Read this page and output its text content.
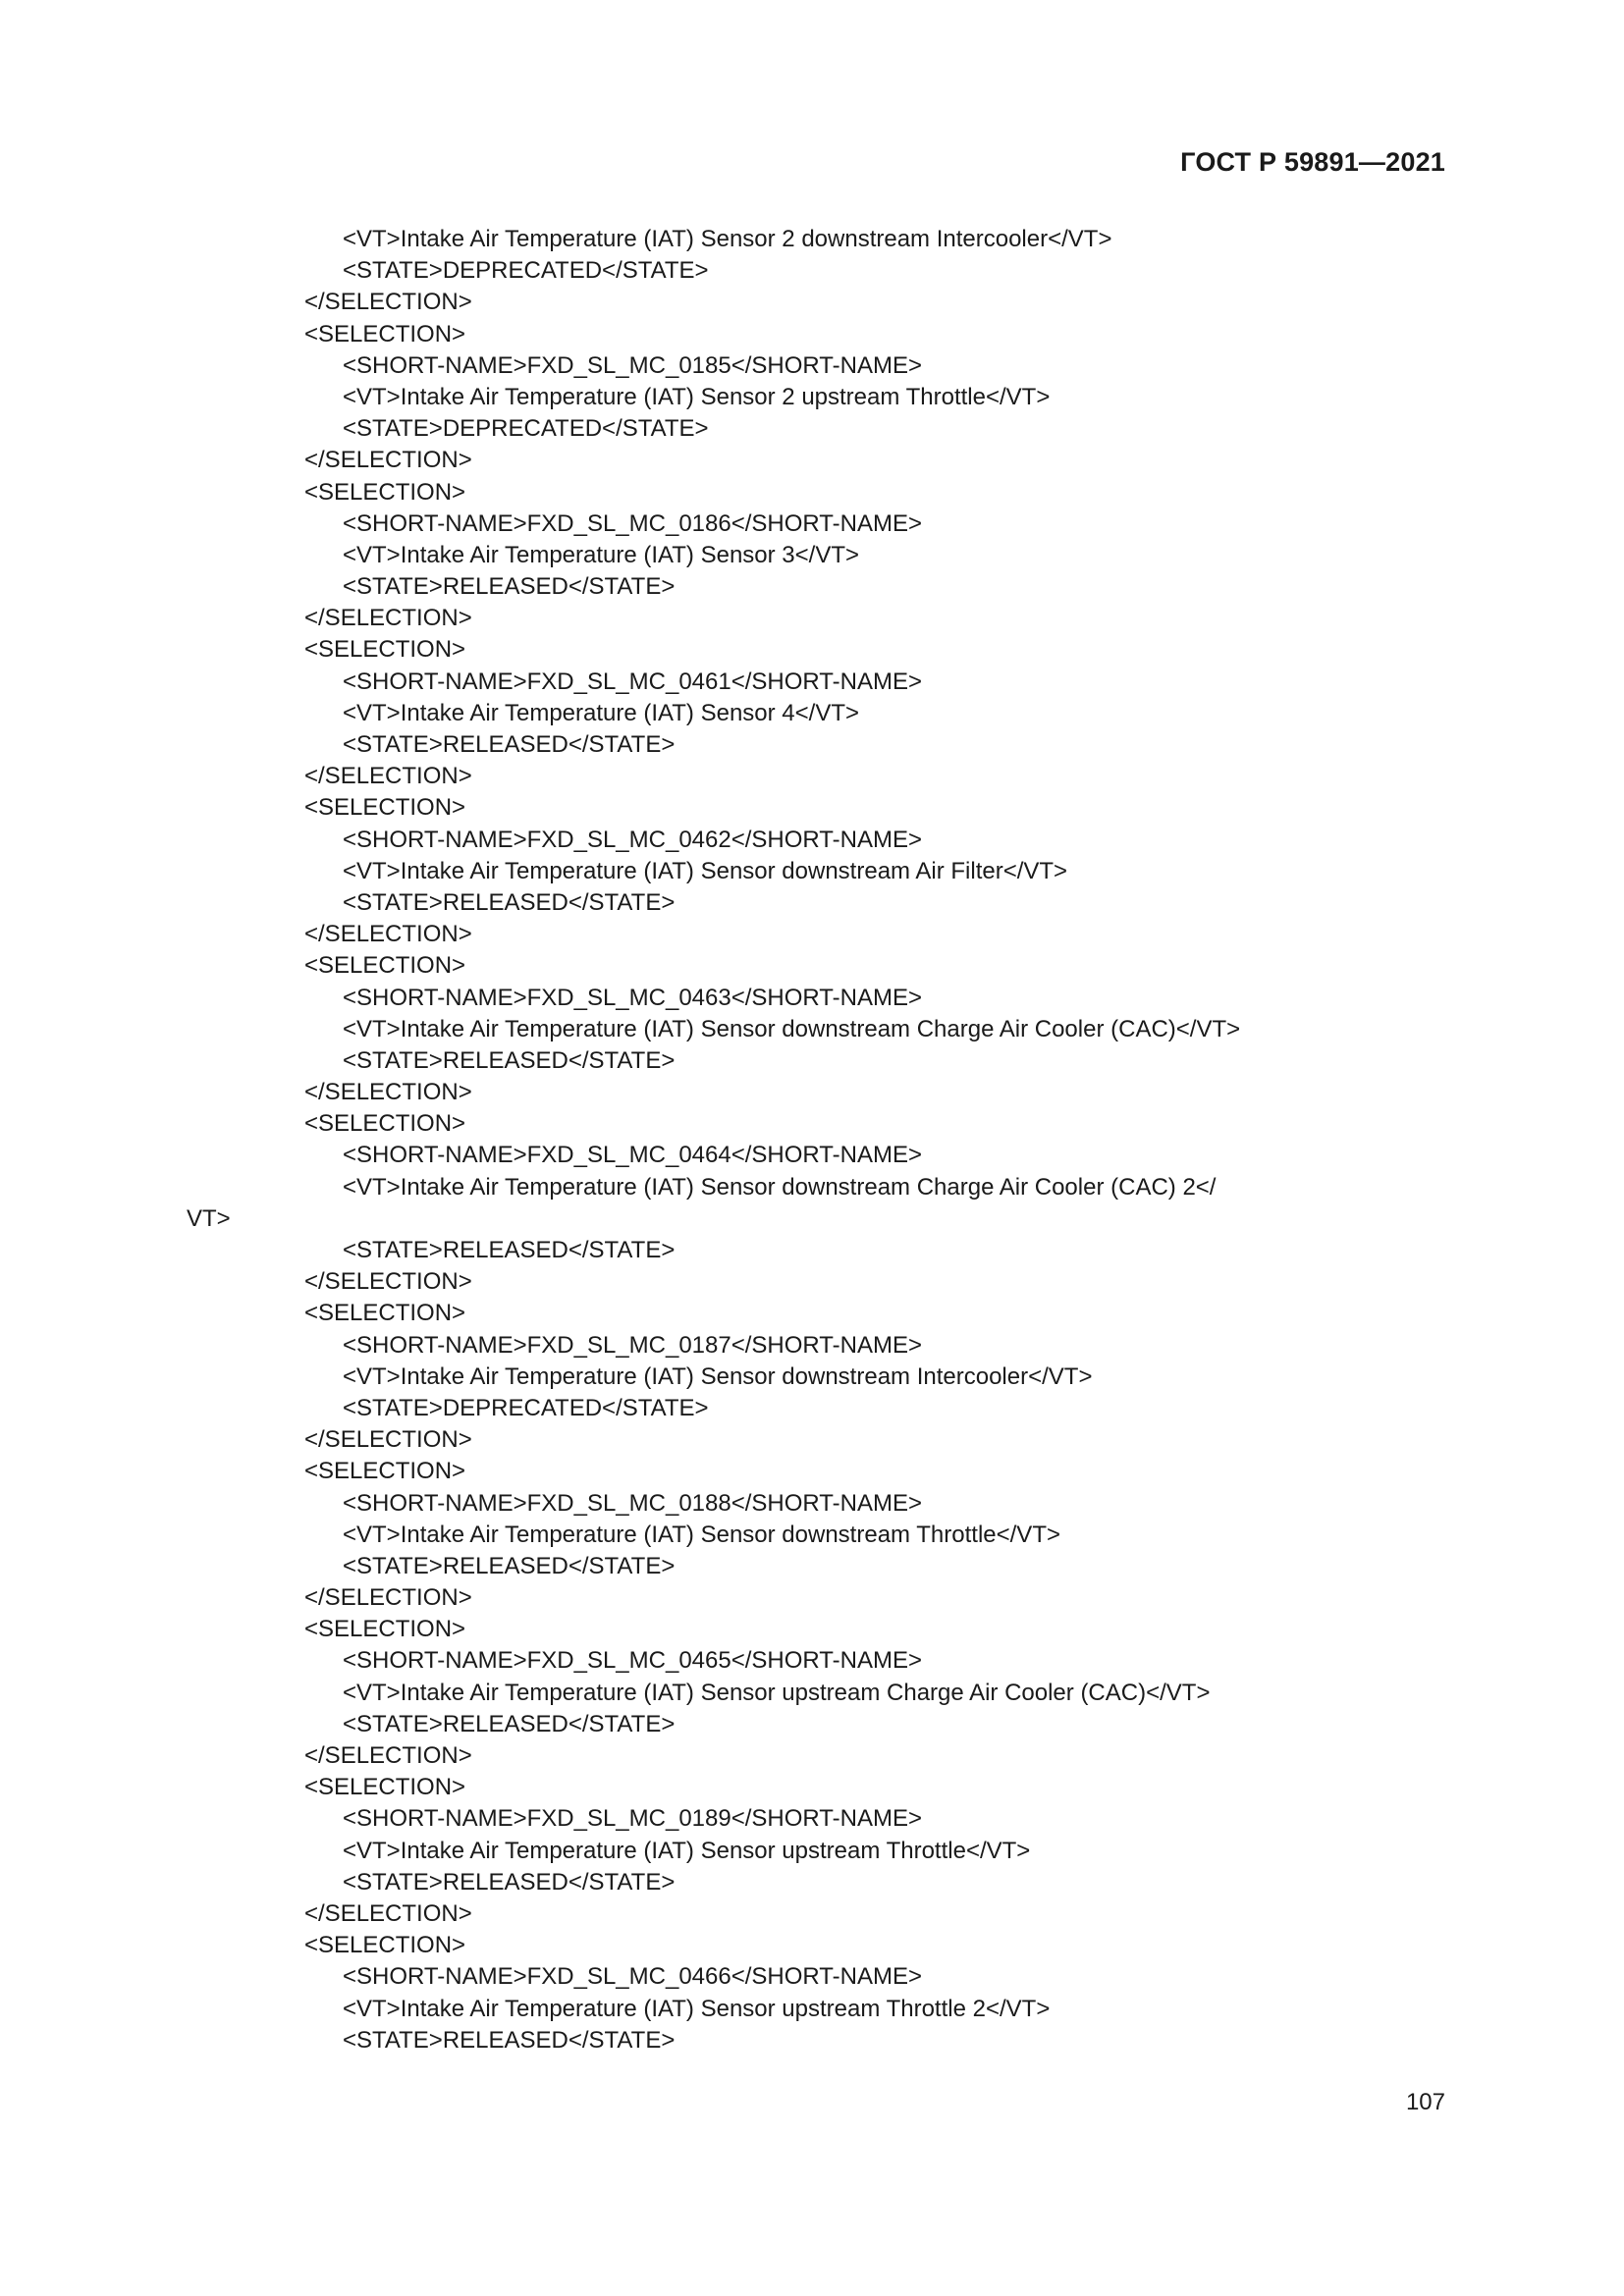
ГОСТ Р 59891—2021
<VT>Intake Air Temperature (IAT) Sensor 2 downstream Intercooler</VT>
<STATE>DEPRECATED</STATE>
</SELECTION>
<SELECTION>
<SHORT-NAME>FXD_SL_MC_0185</SHORT-NAME>
<VT>Intake Air Temperature (IAT) Sensor 2 upstream Throttle</VT>
<STATE>DEPRECATED</STATE>
</SELECTION>
<SELECTION>
<SHORT-NAME>FXD_SL_MC_0186</SHORT-NAME>
<VT>Intake Air Temperature (IAT) Sensor 3</VT>
<STATE>RELEASED</STATE>
</SELECTION>
<SELECTION>
<SHORT-NAME>FXD_SL_MC_0461</SHORT-NAME>
<VT>Intake Air Temperature (IAT) Sensor 4</VT>
<STATE>RELEASED</STATE>
</SELECTION>
<SELECTION>
<SHORT-NAME>FXD_SL_MC_0462</SHORT-NAME>
<VT>Intake Air Temperature (IAT) Sensor downstream Air Filter</VT>
<STATE>RELEASED</STATE>
</SELECTION>
<SELECTION>
<SHORT-NAME>FXD_SL_MC_0463</SHORT-NAME>
<VT>Intake Air Temperature (IAT) Sensor downstream Charge Air Cooler (CAC)</VT>
<STATE>RELEASED</STATE>
</SELECTION>
<SELECTION>
<SHORT-NAME>FXD_SL_MC_0464</SHORT-NAME>
<VT>Intake Air Temperature (IAT) Sensor downstream Charge Air Cooler (CAC) 2</
VT>
<STATE>RELEASED</STATE>
</SELECTION>
<SELECTION>
<SHORT-NAME>FXD_SL_MC_0187</SHORT-NAME>
<VT>Intake Air Temperature (IAT) Sensor downstream Intercooler</VT>
<STATE>DEPRECATED</STATE>
</SELECTION>
<SELECTION>
<SHORT-NAME>FXD_SL_MC_0188</SHORT-NAME>
<VT>Intake Air Temperature (IAT) Sensor downstream Throttle</VT>
<STATE>RELEASED</STATE>
</SELECTION>
<SELECTION>
<SHORT-NAME>FXD_SL_MC_0465</SHORT-NAME>
<VT>Intake Air Temperature (IAT) Sensor upstream Charge Air Cooler (CAC)</VT>
<STATE>RELEASED</STATE>
</SELECTION>
<SELECTION>
<SHORT-NAME>FXD_SL_MC_0189</SHORT-NAME>
<VT>Intake Air Temperature (IAT) Sensor upstream Throttle</VT>
<STATE>RELEASED</STATE>
</SELECTION>
<SELECTION>
<SHORT-NAME>FXD_SL_MC_0466</SHORT-NAME>
<VT>Intake Air Temperature (IAT) Sensor upstream Throttle 2</VT>
<STATE>RELEASED</STATE>
107
